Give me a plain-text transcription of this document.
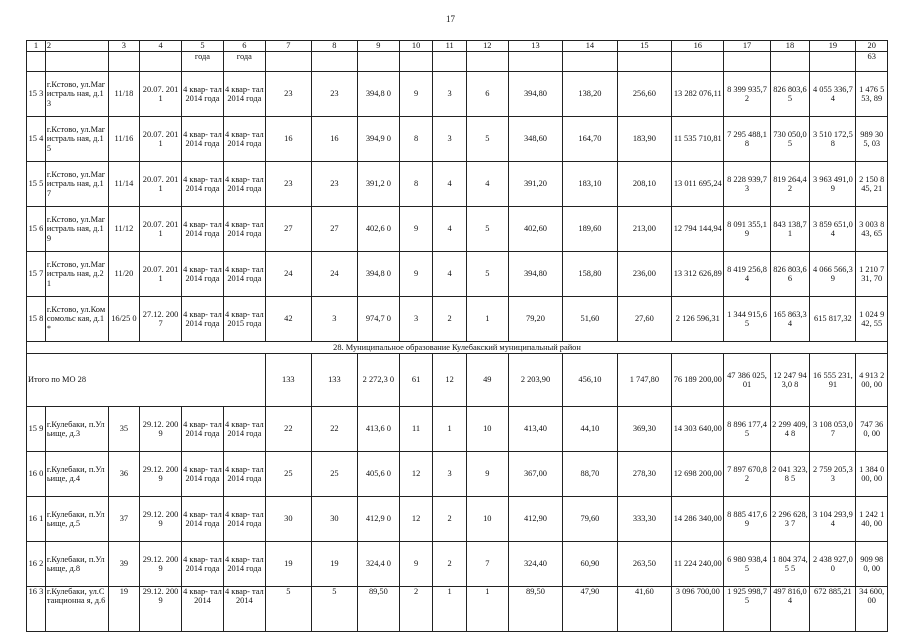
17
1	2	3	4	5	6	7	8	9	10	11	12	13	14	15	16	17	18	19	20
				года	года														63
15 3	г.Кстово, ул.Магистраль ная, д.13	11/18	20.07. 2011	4 квар- тал 2014 года	4 квар- тал 2014 года	23	23	394,8 0	9	3	6	394,80	138,20	256,60	13 282 076,11	8 399 935,72	826 803,6 5	4 055 336,74	1 476 553, 89
15 4	г.Кстово, ул.Магистраль ная, д.15	11/16	20.07. 2011	4 квар- тал 2014 года	4 квар- тал 2014 года	16	16	394,9 0	8	3	5	348,60	164,70	183,90	11 535 710,81	7 295 488,18	730 050,0 5	3 510 172,58	989 305, 03
15 5	г.Кстово, ул.Магистраль ная, д.17	11/14	20.07. 2011	4 квар- тал 2014 года	4 квар- тал 2014 года	23	23	391,2 0	8	4	4	391,20	183,10	208,10	13 011 695,24	8 228 939,73	819 264,4 2	3 963 491,09	2 150 845, 21
15 6	г.Кстово, ул.Магистраль ная, д.19	11/12	20.07. 2011	4 квар- тал 2014 года	4 квар- тал 2014 года	27	27	402,6 0	9	4	5	402,60	189,60	213,00	12 794 144,94	8 091 355,19	843 138,7 1	3 859 651,04	3 003 843, 65
15 7	г.Кстово, ул.Магистраль ная, д.21	11/20	20.07. 2011	4 квар- тал 2014 года	4 квар- тал 2014 года	24	24	394,8 0	9	4	5	394,80	158,80	236,00	13 312 626,89	8 419 256,84	826 803,6 6	4 066 566,39	1 210 731, 70
15 8	г.Кстово, ул.Комсомольс кая, д.1*	16/25 0	27.12. 2007	4 квар- тал 2014 года	4 квар- тал 2015 года	42	3	974,7 0	3	2	1	79,20	51,60	27,60	2 126 596,31	1 344 915,65	165 863,3 4	615 817,32	1 024 942, 55
28. Муниципальное образование Кулебакский муниципальный район																			
Итого по МО 28						133	133	2 272,3 0	61	12	49	2 203,90	456,10	1 747,80	76 189 200,00	47 386 025,01	12 247 943,0 8	16 555 231,91	4 913 200, 00
15 9	г.Кулебаки, п.Ульище, д.3	35	29.12. 2009	4 квар- тал 2014 года	4 квар- тал 2014 года	22	22	413,6 0	11	1	10	413,40	44,10	369,30	14 303 640,00	8 896 177,45	2 299 409,4 8	3 108 053,07	747 360, 00
16 0	г.Кулебаки, п.Ульище, д.4	36	29.12. 2009	4 квар- тал 2014 года	4 квар- тал 2014 года	25	25	405,6 0	12	3	9	367,00	88,70	278,30	12 698 200,00	7 897 670,82	2 041 323,8 5	2 759 205,33	1 384 000, 00
16 1	г.Кулебаки, п.Ульище, д.5	37	29.12. 2009	4 квар- тал 2014 года	4 квар- тал 2014 года	30	30	412,9 0	12	2	10	412,90	79,60	333,30	14 286 340,00	8 885 417,69	2 296 628,3 7	3 104 293,94	1 242 140, 00
16 2	г.Кулебаки, п.Ульище, д.8	39	29.12. 2009	4 квар- тал 2014 года	4 квар- тал 2014 года	19	19	324,4 0	9	2	7	324,40	60,90	263,50	11 224 240,00	6 980 938,45	1 804 374,5 5	2 438 927,00	909 980, 00
16 3	г.Кулебаки, ул.Станционна я, д.6	19	29.12. 2009	4 квар- тал 2014	4 квар- тал 2014	5	5	89,50	2	1	1	89,50	47,90	41,60	3 096 700,00	1 925 998,75	497 816,0 4	672 885,21	34 600, 00
